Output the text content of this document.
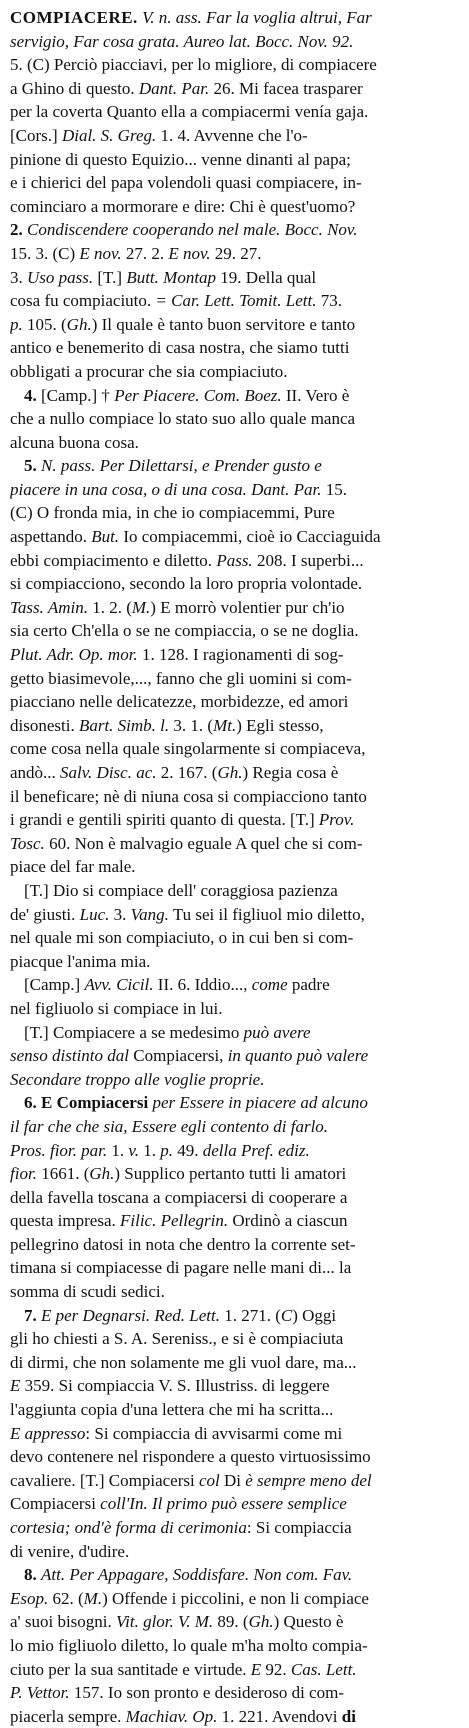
COMPIACERE. V. n. ass. Far la voglia altrui, Far
servigio, Far cosa grata. Aureo lat. Bocc. Nov. 92.
5. (C) Perciò piacciavi, per lo migliore, di compiacere
a Ghino di questo. Dant. Par. 26. Mi facea trasparer
per la coverta Quanto ella a compiacermi venía gaja.
[Cors.] Dial. S. Greg. 1. 4. Avvenne che l'o-
pinione di questo Equizio... venne dinanti al papa;
e i chierici del papa volendoli quasi compiacere, in-
cominciaro a mormorare e dire: Chi è quest'uomo?
2. Condiscendere cooperando nel male. Bocc. Nov.
15. 3. (C) E nov. 27. 2. E nov. 29. 27.
3. Uso pass. [T.] Butt. Montap 19. Della qual
cosa fu compiaciuto. = Car. Lett. Tomit. Lett. 73.
p. 105. (Gh.) Il quale è tanto buon servitore e tanto
antico e benemerito di casa nostra, che siamo tutti
obbligati a procurar che sia compiaciuto.
4. [Camp.] † Per Piacere. Com. Boez. II. Vero è
che a nullo compiace lo stato suo allo quale manca
alcuna buona cosa.
5. N. pass. Per Dilettarsi, e Prender gusto e
piacere in una cosa, o di una cosa. Dant. Par. 15.
(C) O fronda mia, in che io compiacemmi, Pure
aspettando. But. Io compiacemmi, cioè io Cacciaguida
ebbi compiacimento e diletto. Pass. 208. I superbi...
si compiacciono, secondo la loro propria volontade.
Tass. Amin. 1. 2. (M.) E morrò volentier pur ch'io
sia certo Ch'ella o se ne compiaccia, o se ne doglia.
Plut. Adr. Op. mor. 1. 128. I ragionamenti di sog-
getto biasimevole,..., fanno che gli uomini si com-
piacciano nelle delicatezze, morbidezze, ed amori
disonesti. Bart. Simb. l. 3. 1. (Mt.) Egli stesso,
come cosa nella quale singolarmente si compiaceva,
andò... Salv. Disc. ac. 2. 167. (Gh.) Regia cosa è
il beneficare; nè di niuna cosa si compiacciono tanto
i grandi e gentili spiriti quanto di questa. [T.] Prov.
Tosc. 60. Non è malvagio eguale A quel che si com-
piace del far male.
[T.] Dio si compiace dell' coraggiosa pazienza
de' giusti. Luc. 3. Vang. Tu sei il figliuol mio diletto,
nel quale mi son compiaciuto, o in cui ben si com-
piacque l'anima mia.
[Camp.] Avv. Cicil. II. 6. Iddio..., come padre
nel figliuolo si compiace in lui.
[T.] Compiacere a se medesimo può avere
senso distinto dal Compiacersi, in quanto può valere
Secondare troppo alle voglie proprie.
6. E Compiacersi per Essere in piacere ad alcuno
il far che che sia, Essere egli contento di farlo.
Pros. fior. par. 1. v. 1. p. 49. della Pref. ediz.
fior. 1661. (Gh.) Supplico pertanto tutti li amatori
della favella toscana a compiacersi di cooperare a
questa impresa. Filic. Pellegrin. Ordinò a ciascun
pellegrino datosi in nota che dentro la corrente set-
timana si compiacesse di pagare nelle mani di... la
somma di scudi sedici.
7. E per Degnarsi. Red. Lett. 1. 271. (C) Oggi
gli ho chiesti a S. A. Sereniss., e si è compiaciuta
di dirmi, che non solamente me gli vuol dare, ma...
E 359. Si compiaccia V. S. Illustriss. di leggere
l'aggiunta copia d'una lettera che mi ha scritta...
E appresso: Si compiaccia di avvisarmi come mi
devo contenere nel rispondere a questo virtuosissimo
cavaliere. [T.] Compiacersi col Di è sempre meno del
Compiacersi coll'In. Il primo può essere semplice
cortesia; ond'è forma di cerimonia: Si compiaccia
di venire, d'udire.
8. Att. Per Appagare, Soddisfare. Non com. Fav.
Esop. 62. (M.) Offende i piccolini, e non li compiace
a' suoi bisogni. Vit. glor. V. M. 89. (Gh.) Questo è
lo mio figliuolo diletto, lo quale m'ha molto compia-
ciuto per la sua santitade e virtude. E 92. Cas. Lett.
P. Vettor. 157. Io son pronto e desideroso di com-
piacerla sempre. Machiav. Op. 1. 221. Avendovi di
